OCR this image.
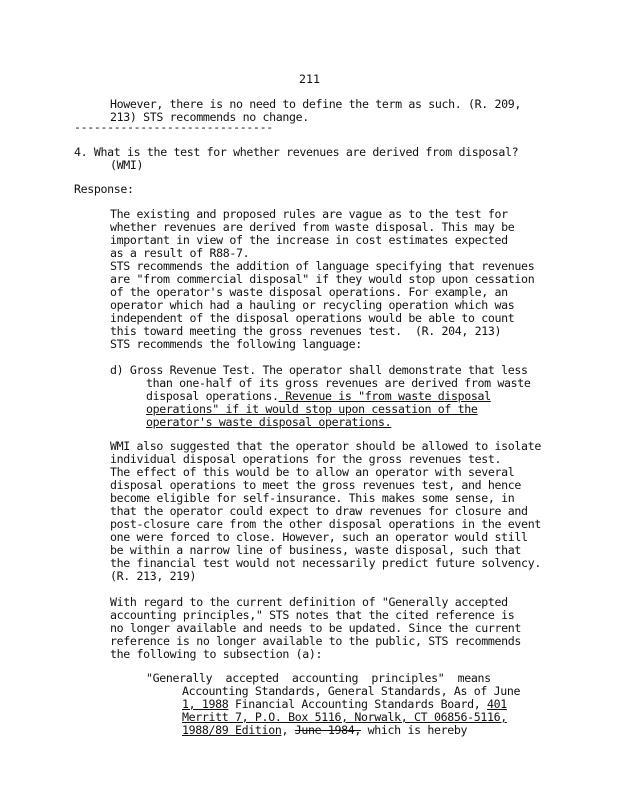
211
However, there is no need to define the term as such. (R. 209,
213) STS recommends no change.
------------------------------
4. What is the test for whether revenues are derived from disposal?
(WMI)
Response:
The existing and proposed rules are vague as to the test for
whether revenues are derived from waste disposal. This may be
important in view of the increase in cost estimates expected
as a result of R88-7.
STS recommends the addition of language specifying that revenues
are "from commercial disposal" if they would stop upon cessation
of the operator's waste disposal operations. For example, an
operator which had a hauling or recycling operation which was
independent of the disposal operations would be able to count
this toward meeting the gross revenues test.  (R. 204, 213)
STS recommends the following language:
d) Gross Revenue Test. The operator shall demonstrate that less
than one-half of its gross revenues are derived from waste
disposal operations. Revenue is "from waste disposal
operations" if it would stop upon cessation of the
operator's waste disposal operations.
WMI also suggested that the operator should be allowed to isolate
individual disposal operations for the gross revenues test.
The effect of this would be to allow an operator with several
disposal operations to meet the gross revenues test, and hence
become eligible for self-insurance. This makes some sense, in
that the operator could expect to draw revenues for closure and
post-closure care from the other disposal operations in the event
one were forced to close. However, such an operator would still
be within a narrow line of business, waste disposal, such that
the financial test would not necessarily predict future solvency.
(R. 213, 219)
With regard to the current definition of "Generally accepted
accounting principles," STS notes that the cited reference is
no longer available and needs to be updated. Since the current
reference is no longer available to the public, STS recommends
the following to subsection (a):
"Generally  accepted  accounting  principles"  means
Accounting Standards, General Standards, As of June
1, 1988 Financial Accounting Standards Board, 401
Merritt 7, P.O. Box 5116, Norwalk, CT 06856-5116,
1988/89 Edition, June 1984, which is hereby
